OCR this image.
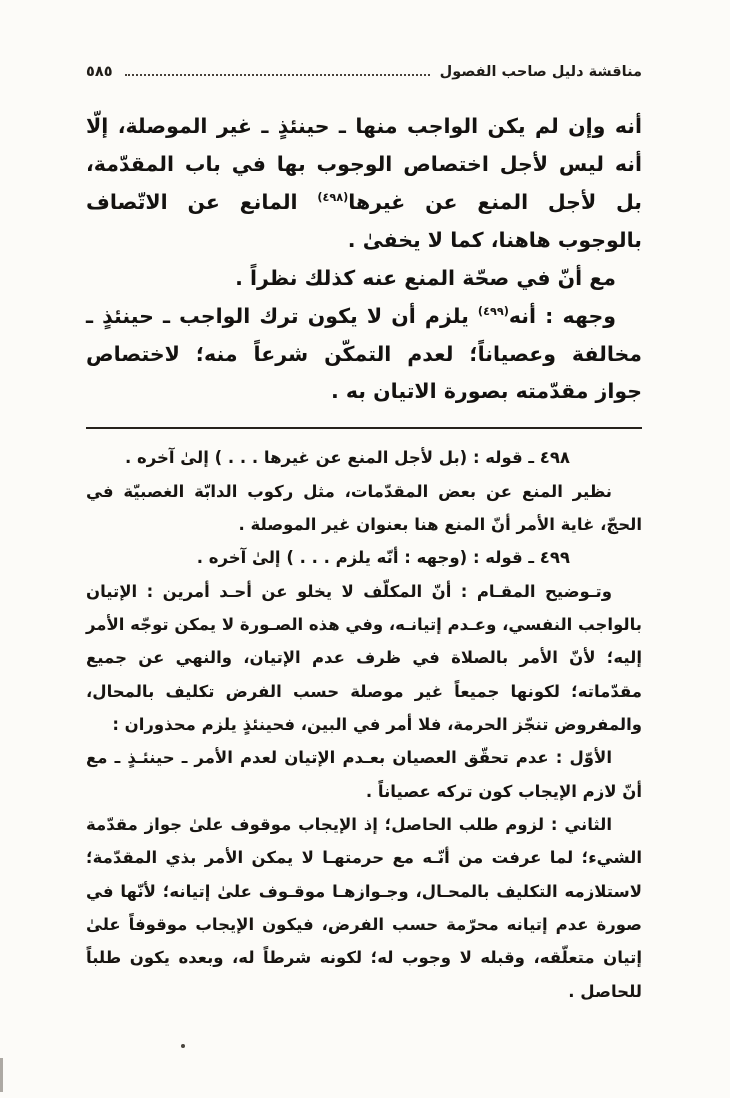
٥٨٥	مناقشة دليل صاحب الفصول

أنه وإن لم يكن الواجب منها ـ حينئذٍ ـ غير الموصلة، إلّا أنه ليس لأجل اختصاص الوجوب بها في باب المقدّمة، بل لأجل المنع عن غيرها$^{(٤٩٨)}$ المانع عن الاتّصاف بالوجوب هاهنا، كما لا يخفىٰ .

مع أنّ في صحّة المنع عنه كذلك نظراً .

وجهه : أنه$^{(٤٩٩)}$ يلزم أن لا يكون ترك الواجب ـ حينئذٍ ـ مخالفة وعصياناً؛ لعدم التمكّن شرعاً منه؛ لاختصاص جواز مقدّمته بصورة الاتيان به .

٤٩٨ ـ قوله : (بل لأجل المنع عن غيرها . . . ) إلىٰ آخره .

نظير المنع عن بعض المقدّمات، مثل ركوب الدابّة الغصبيّة في الحجّ، غاية الأمر أنّ المنع هنا بعنوان غير الموصلة .

٤٩٩ ـ قوله : (وجهه : أنّه يلزم . . . ) إلىٰ آخره .

وتـوضيح المقـام : أنّ المكلّف لا يخلو عن أحـد أمرين : الإتيان بالواجب النفسي، وعـدم إتيانـه، وفي هذه الصـورة لا يمكن توجّه الأمر إليه؛ لأنّ الأمر بالصلاة في ظرف عدم الإتيان، والنهي عن جميع مقدّماته؛ لكونها جميعاً غير موصلة حسب الفرض تكليف بالمحال، والمفروض تنجّز الحرمة، فلا أمر في البين، فحينئذٍ يلزم محذوران :

الأوّل : عدم تحقّق العصيان بعـدم الإتيان لعدم الأمر ـ حينئـذٍ ـ مع أنّ لازم الإيجاب كون تركه عصياناً .

الثاني : لزوم طلب الحاصل؛ إذ الإيجاب موقوف علىٰ جواز مقدّمة الشيء؛ لما عرفت من أنّـه مع حرمتهـا لا يمكن الأمر بذي المقدّمة؛ لاستلازمه التكليف بالمحـال، وجـوازهـا موقـوف علىٰ إتيانه؛ لأنّها في صورة عدم إتيانه محرّمة حسب الفرض، فيكون الإيجاب موقوفاً علىٰ إتيان متعلّقه، وقبله لا وجوب له؛ لكونه شرطاً له، وبعده يكون طلباً للحاصل .
